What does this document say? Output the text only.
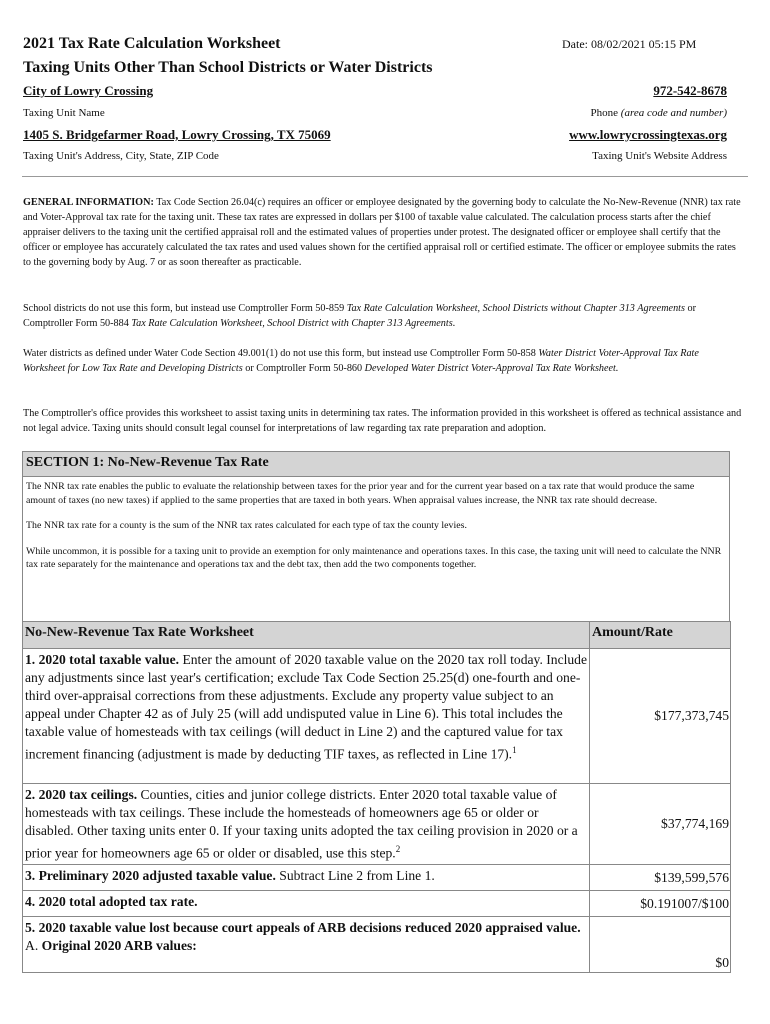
2021 Tax Rate Calculation Worksheet
Taxing Units Other Than School Districts or Water Districts
Date: 08/02/2021 05:15 PM
City of Lowry Crossing	972-542-8678
Taxing Unit Name	Phone (area code and number)
1405 S. Bridgefarmer Road, Lowry Crossing, TX 75069	www.lowrycrossingtexas.org
Taxing Unit's Address, City, State, ZIP Code	Taxing Unit's Website Address

GENERAL INFORMATION: Tax Code Section 26.04(c) requires an officer or employee designated by the governing body to calculate the No-New-Revenue (NNR) tax rate and Voter-Approval tax rate for the taxing unit. These tax rates are expressed in dollars per $100 of taxable value calculated. The calculation process starts after the chief appraiser delivers to the taxing unit the certified appraisal roll and the estimated values of properties under protest. The designated officer or employee shall certify that the officer or employee has accurately calculated the tax rates and used values shown for the certified appraisal roll or certified estimate. The officer or employee submits the rates to the governing body by Aug. 7 or as soon thereafter as practicable.

School districts do not use this form, but instead use Comptroller Form 50-859 Tax Rate Calculation Worksheet, School Districts without Chapter 313 Agreements or Comptroller Form 50-884 Tax Rate Calculation Worksheet, School District with Chapter 313 Agreements.

Water districts as defined under Water Code Section 49.001(1) do not use this form, but instead use Comptroller Form 50-858 Water District Voter-Approval Tax Rate Worksheet for Low Tax Rate and Developing Districts or Comptroller Form 50-860 Developed Water District Voter-Approval Tax Rate Worksheet.

The Comptroller's office provides this worksheet to assist taxing units in determining tax rates. The information provided in this worksheet is offered as technical assistance and not legal advice. Taxing units should consult legal counsel for interpretations of law regarding tax rate preparation and adoption.

SECTION 1: No-New-Revenue Tax Rate

The NNR tax rate enables the public to evaluate the relationship between taxes for the prior year and for the current year based on a tax rate that would produce the same amount of taxes (no new taxes) if applied to the same properties that are taxed in both years. When appraisal values increase, the NNR tax rate should decrease.

The NNR tax rate for a county is the sum of the NNR tax rates calculated for each type of tax the county levies.

While uncommon, it is possible for a taxing unit to provide an exemption for only maintenance and operations taxes. In this case, the taxing unit will need to calculate the NNR tax rate separately for the maintenance and operations tax and the debt tax, then add the two components together.

No-New-Revenue Tax Rate Worksheet	Amount/Rate
1. 2020 total taxable value. Enter the amount of 2020 taxable value on the 2020 tax roll today. Include any adjustments since last year's certification; exclude Tax Code Section 25.25(d) one-fourth and one-third over-appraisal corrections from these adjustments. Exclude any property value subject to an appeal under Chapter 42 as of July 25 (will add undisputed value in Line 6). This total includes the taxable value of homesteads with tax ceilings (will deduct in Line 2) and the captured value for tax increment financing (adjustment is made by deducting TIF taxes, as reflected in Line 17).$^1$	$177,373,745
2. 2020 tax ceilings. Counties, cities and junior college districts. Enter 2020 total taxable value of homesteads with tax ceilings. These include the homesteads of homeowners age 65 or older or disabled. Other taxing units enter 0. If your taxing units adopted the tax ceiling provision in 2020 or a prior year for homeowners age 65 or older or disabled, use this step.$^2$	$37,774,169
3. Preliminary 2020 adjusted taxable value. Subtract Line 2 from Line 1.	$139,599,576
4. 2020 total adopted tax rate.	$0.191007/$100
5. 2020 taxable value lost because court appeals of ARB decisions reduced 2020 appraised value.
A. Original 2020 ARB values:	$0
